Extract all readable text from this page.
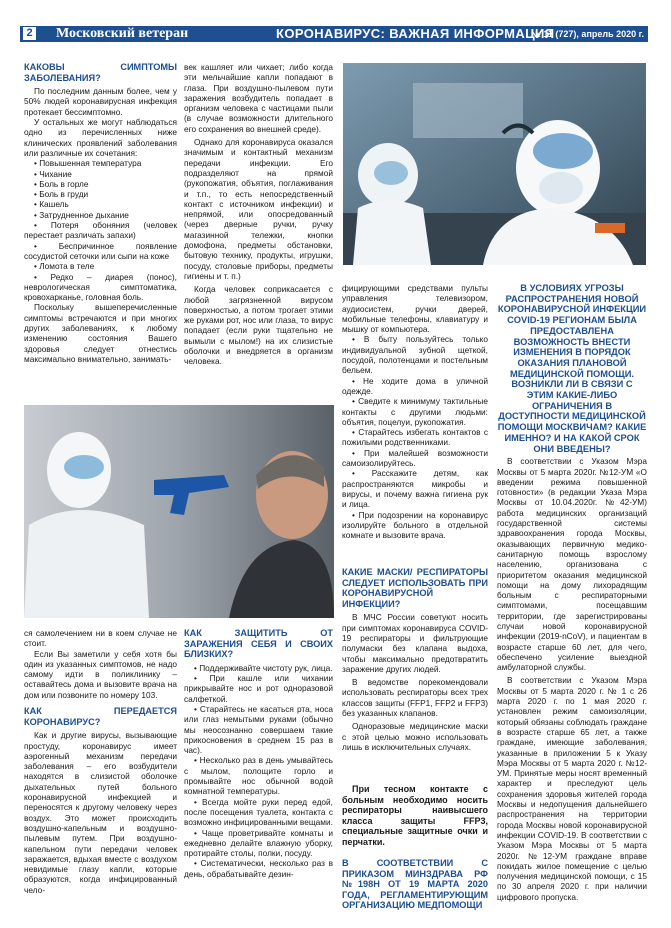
2 Московский ветеран	КОРОНАВИРУС: ВАЖНАЯ ИНФОРМАЦИЯ
№ 11 (727), апрель 2020 г.
КАКОВЫ СИМПТОМЫ ЗАБОЛЕВАНИЯ?

По последним данным более, чем у 50% людей коронавирусная инфекция протекает бессимптомно.

У остальных же могут наблюдаться одно из перечисленных ниже клинических проявлений заболевания или различные их сочетания:

• Повышенная температура

• Чихание

• Боль в горле

• Боль в груди

• Кашель

• Затрудненное дыхание

• Потеря обоняния (человек перестает различать запахи)

• Беспричинное появление сосудистой сеточки или сыпи на коже

• Ломота в теле

• Редко – диарея (понос), неврологическая симптоматика, кровохарканье, головная боль.

Поскольку вышеперечисленные симптомы встречаются и при многих других заболеваниях, к любому изменению состояния Вашего здоровья следует отнестись максимально внимательно, занимать-

век кашляет или чихает; либо когда эти мельчайшие капли попадают в глаза. При воздушно-пылевом пути заражения возбудитель попадает в организм человека с частицами пыли (в случае возможности длительного его сохранения во внешней среде).

Однако для коронавируса оказался значимым и контактный механизм передачи инфекции. Его подразделяют на прямой (рукопожатия, объятия, поглаживания и т.п., то есть непосредственный контакт с источником инфекции) и непрямой, или опосредованный (через дверные ручки, ручку магазинной тележки, кнопки домофона, предметы обстановки, бытовую технику, продукты, игрушки, посуду, столовые приборы, предметы гигиены и т. п.)

Когда человек соприкасается с любой загрязненной вирусом поверхностью, а потом трогает этими же руками рот, нос или глаза, то вирус попадает (если руки тщательно не вымыли с мылом!) на их слизистые оболочки и внедряется в организм человека.

фицирующими средствами пульты управления телевизором, аудиосистем, ручки дверей, мобильные телефоны, клавиатуру и мышку от компьютера.

• В быту пользуйтесь только индивидуальной зубной щеткой, посудой, полотенцами и постельным бельем.

• Не ходите дома в уличной одежде.

• Сведите к минимуму тактильные контакты с другими людьми: объятия, поцелуи, рукопожатия.

• Старайтесь избегать контактов с пожилыми родственниками.

• При малейшей возможности самоизолируйтесь.

• Расскажите детям, как распространяются микробы и вирусы, и почему важна гигиена рук и лица.

• При подозрении на коронавирус изолируйте больного в отдельной комнате и вызовите врача.

КАКИЕ МАСКИ/ РЕСПИРАТОРЫ СЛЕДУЕТ ИСПОЛЬЗОВАТЬ ПРИ КОРОНАВИРУСНОЙ ИНФЕКЦИИ?

В МЧС России советуют носить при симптомах коронавируса COVID-19 респираторы и фильтрующие полумаски без клапана выдоха, чтобы максимально предотвратить заражение других людей.

В ведомстве порекомендовали использовать респираторы всех трех классов защиты (FFP1, FFP2 и FFP3) без указанных клапанов.

Одноразовые медицинские маски с этой целью можно использовать лишь в исключительных случаях.

При тесном контакте с больным необходимо носить респираторы наивысшего класса защиты FFP3, специальные защитные очки и перчатки.

В СООТВЕТСТВИИ С ПРИКАЗОМ МИНЗДРАВА РФ №198Н ОТ 19 МАРТА 2020 ГОДА, РЕГЛАМЕНТИРУЮЩИМ ОРГАНИЗАЦИЮ МЕДПОМОЩИ
В УСЛОВИЯХ УГРОЗЫ РАСПРОСТРАНЕНИЯ НОВОЙ КОРОНАВИРУСНОЙ ИНФЕКЦИИ COVID-19 РЕГИОНАМ БЫЛА ПРЕДОСТАВЛЕНА ВОЗМОЖНОСТЬ ВНЕСТИ ИЗМЕНЕНИЯ В ПОРЯДОК ОКАЗАНИЯ ПЛАНОВОЙ МЕДИЦИНСКОЙ ПОМОЩИ. ВОЗНИКЛИ ЛИ В СВЯЗИ С ЭТИМ КАКИЕ-ЛИБО ОГРАНИЧЕНИЯ В ДОСТУПНОСТИ МЕДИЦИНСКОЙ ПОМОЩИ МОСКВИЧАМ? КАКИЕ ИМЕННО? И НА КАКОЙ СРОК ОНИ ВВЕДЕНЫ?

В соответствии с Указом Мэра Москвы от 5 марта 2020г. №12-УМ «О введении режима повышенной готовности» (в редакции Указа Мэра Москвы от 10.04.2020г. №42-УМ) работа медицинских организаций государственной системы здравоохранения города Москвы, оказывающих первичную медико-санитарную помощь взрослому населению, организована с приоритетом оказания медицинской помощи на дому лихорадящим больным с респираторными симптомами, посещавшим территории, где зарегистрированы случаи новой коронавирусной инфекции (2019-nCoV), и пациентам в возрасте старше 60 лет, для чего, обеспечено усиление выездной амбулаторной службы.

В соответствии с Указом Мэра Москвы от 5 марта 2020 г. № 1 с 26 марта 2020 г. по 1 мая 2020 г. установлен режим самоизоляции, который обязаны соблюдать граждане в возрасте старше 65 лет, а также граждане, имеющие заболевания, указанные в приложении 5 к Указу Мэра Москвы от 5 марта 2020 г. №12-УМ. Принятые меры носят временный характер и преследуют цель сохранения здоровья жителей города Москвы и недопущения дальнейшего распространения на территории города Москвы новой коронавирусной инфекции COVID-19. В соответствии с Указом Мэра Москвы от 5 марта 2020г. №12-УМ граждане вправе покидать жилое помещение с целью получения медицинской помощи, с 15 по 30 апреля 2020 г. при наличии цифрового пропуска.

ся самолечением ни в коем случае не стоит.

Если Вы заметили у себя хотя бы один из указанных симптомов, не надо самому идти в поликлинику – оставайтесь дома и вызовите врача на дом или позвоните по номеру 103.

КАК ПЕРЕДАЕТСЯ КОРОНАВИРУС?

Как и другие вирусы, вызывающие простуду, коронавирус имеет аэрогенный механизм передачи заболевания – его возбудители находятся в слизистой оболочке дыхательных путей больного коронавирусной инфекцией и переносятся к другому человеку через воздух. Это может происходить воздушно-капельным и воздушно-пылевым путем. При воздушно-капельном пути передачи человек заражается, вдыхая вместе с воздухом невидимые глазу капли, которые образуются, когда инфицированный чело-

КАК ЗАЩИТИТЬ ОТ ЗАРАЖЕНИЯ СЕБЯ И СВОИХ БЛИЗКИХ?

• Поддерживайте чистоту рук, лица.

• При кашле или чихании прикрывайте нос и рот одноразовой салфеткой.

• Старайтесь не касаться рта, носа или глаз немытыми руками (обычно мы неосознанно совершаем такие прикосновения в среднем 15 раз в час).

• Несколько раз в день умывайтесь с мылом, полощите горло и промывайте нос обычной водой комнатной температуры.

• Всегда мойте руки перед едой, после посещения туалета, контакта с возможно инфицированными вещами.

• Чаще проветривайте комнаты и ежедневно делайте влажную уборку, протирайте столы, полки, посуду.

• Систематически, несколько раз в день, обрабатывайте дезин-
